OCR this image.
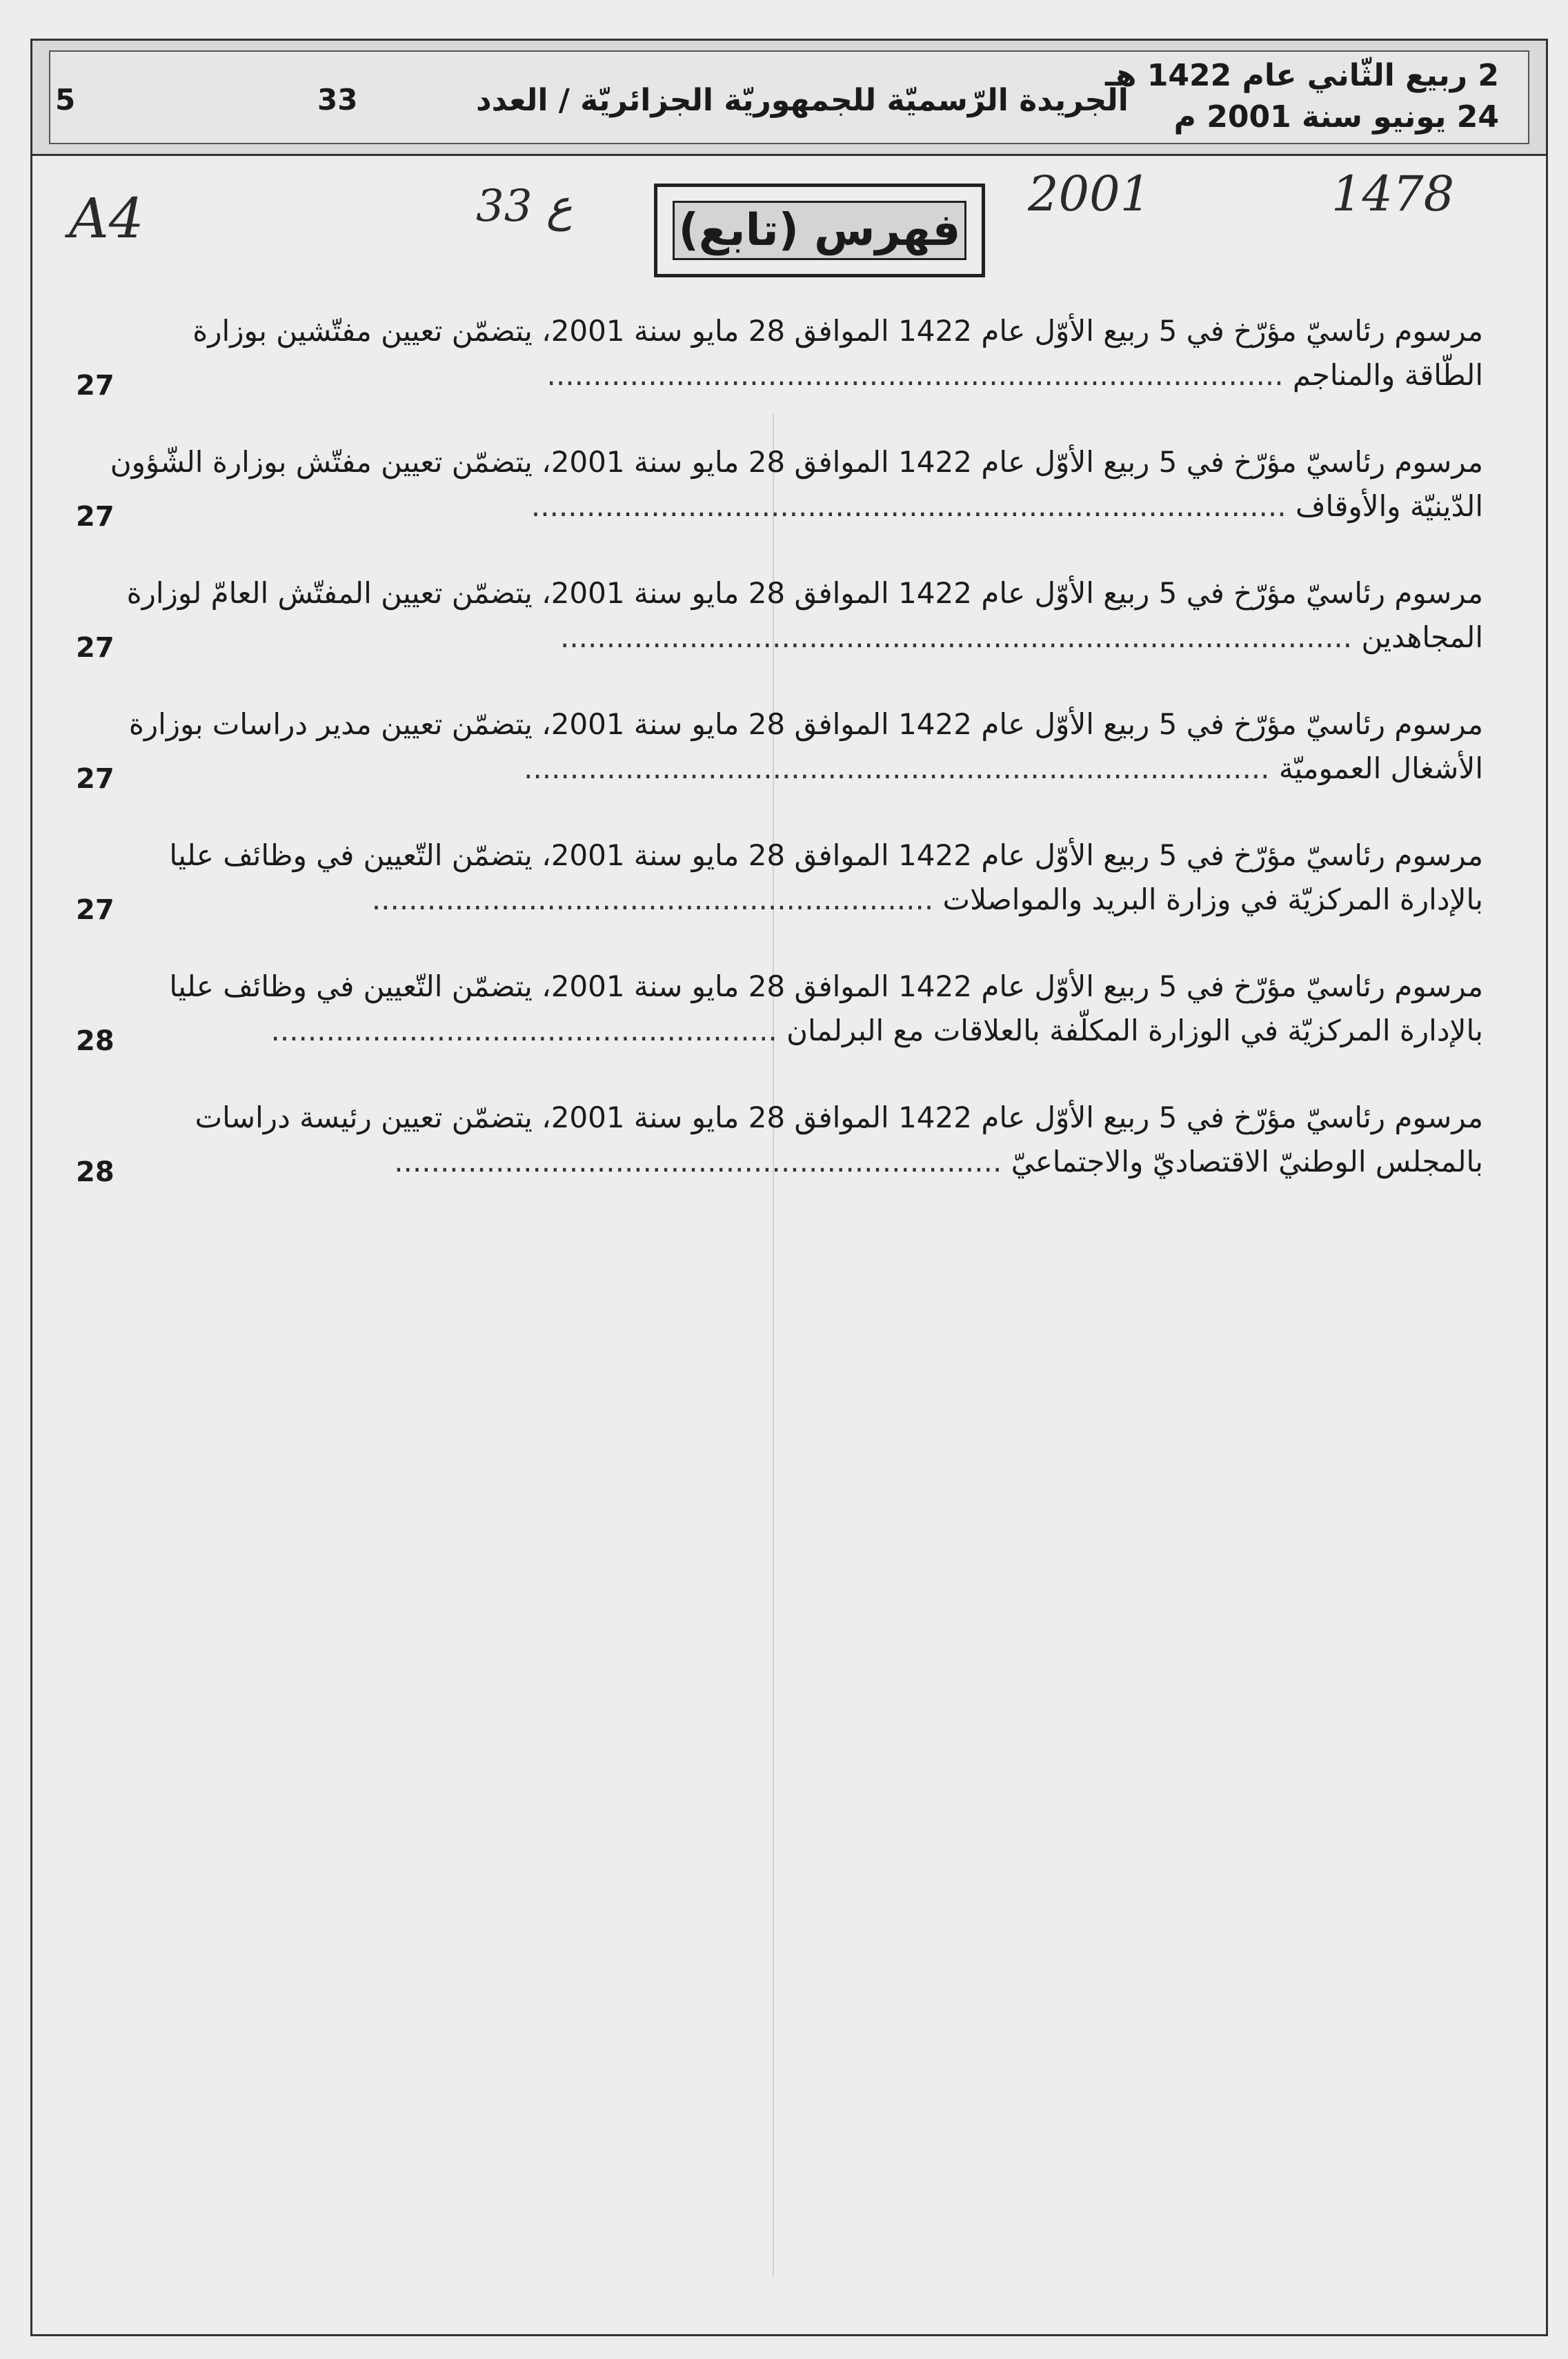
5	33	الجريدة الرّسميّة للجمهوريّة الجزائريّة / العدد
2 ربيع الثّاني عام 1422 هـ
24 يونيو سنة 2001 م
A4	33 ع	2001	1478
فهرس (تابع)
مرسوم رئاسيّ مؤرّخ في 5 ربيع الأوّل عام 1422 الموافق 28 مايو سنة 2001، يتضمّن تعيين مفتّشين بوزارة
الطّاقة والمناجم ................................................................................
27
مرسوم رئاسيّ مؤرّخ في 5 ربيع الأوّل عام 1422 الموافق 28 مايو سنة 2001، يتضمّن تعيين مفتّش بوزارة الشّؤون
الدّينيّة والأوقاف ..................................................................................
27
مرسوم رئاسيّ مؤرّخ في 5 ربيع الأوّل عام 1422 الموافق 28 مايو سنة 2001، يتضمّن تعيين المفتّش العامّ لوزارة
المجاهدين ......................................................................................
27
مرسوم رئاسيّ مؤرّخ في 5 ربيع الأوّل عام 1422 الموافق 28 مايو سنة 2001، يتضمّن تعيين مدير دراسات بوزارة
الأشغال العموميّة .................................................................................
27
مرسوم رئاسيّ مؤرّخ في 5 ربيع الأوّل عام 1422 الموافق 28 مايو سنة 2001، يتضمّن التّعيين في وظائف عليا
بالإدارة المركزيّة في وزارة البريد والمواصلات .............................................................
27
مرسوم رئاسيّ مؤرّخ في 5 ربيع الأوّل عام 1422 الموافق 28 مايو سنة 2001، يتضمّن التّعيين في وظائف عليا
بالإدارة المركزيّة في الوزارة المكلّفة بالعلاقات مع البرلمان .......................................................
28
مرسوم رئاسيّ مؤرّخ في 5 ربيع الأوّل عام 1422 الموافق 28 مايو سنة 2001، يتضمّن تعيين رئيسة دراسات
بالمجلس الوطنيّ الاقتصاديّ والاجتماعيّ ..................................................................
28
